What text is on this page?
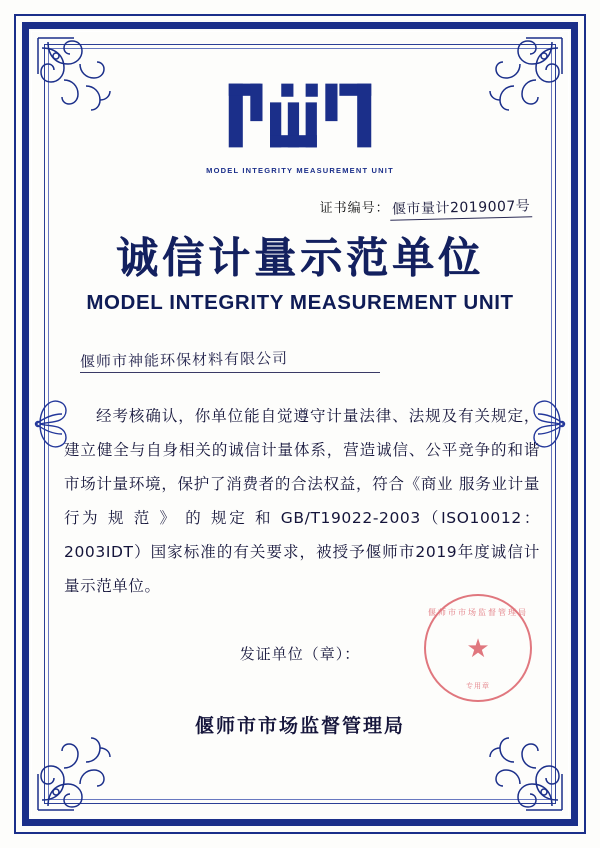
MODEL INTEGRITY MEASUREMENT UNIT
证书编号： 偃市量计2019007号
诚信计量示范单位
MODEL INTEGRITY MEASUREMENT UNIT
偃师市神能环保材料有限公司
经考核确认，你单位能自觉遵守计量法律、法规及有关规定，建立健全与自身相关的诚信计量体系，营造诚信、公平竞争的和谐市场计量环境，保护了消费者的合法权益，符合《商业 服务业计量行为 规 范 》 的 规定 和 GB/T19022-2003（ISO10012：2003IDT）国家标准的有关要求，被授予偃师市2019年度诚信计量示范单位。
发证单位（章）：
偃师市市场监督管理局
偃师市市场监督管理局
★
专用章
